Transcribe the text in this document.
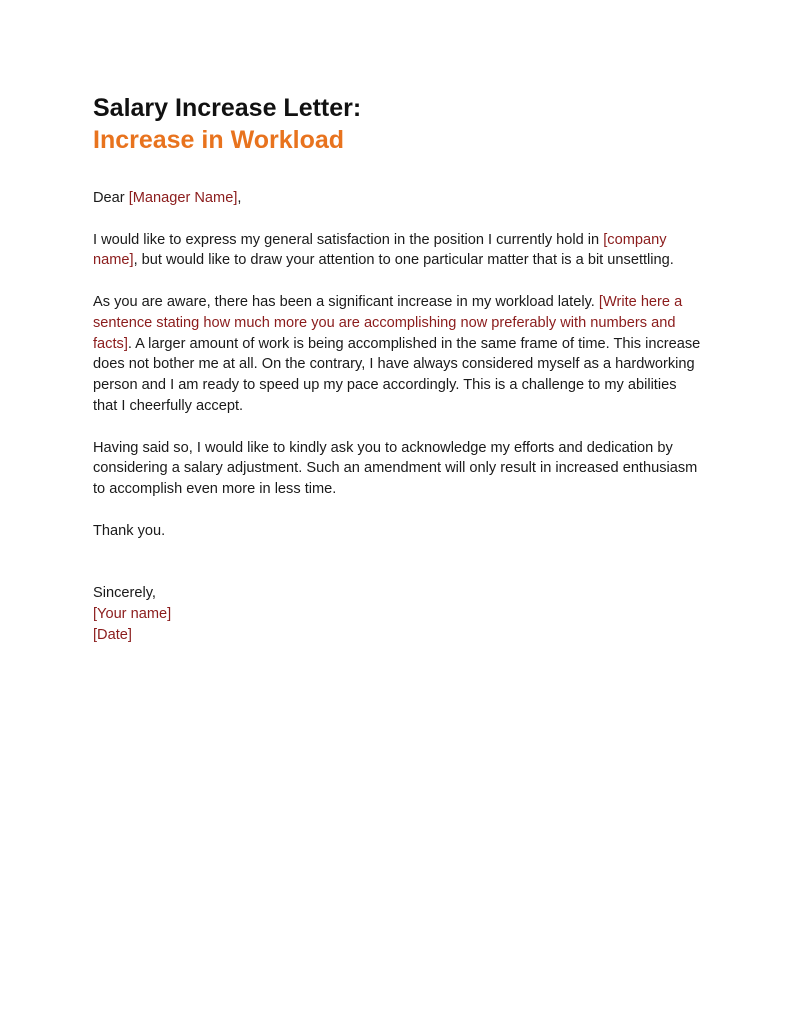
Salary Increase Letter:
Increase in Workload

Dear [Manager Name],

I would like to express my general satisfaction in the position I currently hold in [company name], but would like to draw your attention to one particular matter that is a bit unsettling.

As you are aware, there has been a significant increase in my workload lately. [Write here a sentence stating how much more you are accomplishing now preferably with numbers and facts]. A larger amount of work is being accomplished in the same frame of time. This increase does not bother me at all. On the contrary, I have always considered myself as a hardworking person and I am ready to speed up my pace accordingly. This is a challenge to my abilities that I cheerfully accept.

Having said so, I would like to kindly ask you to acknowledge my efforts and dedication by considering a salary adjustment. Such an amendment will only result in increased enthusiasm to accomplish even more in less time.

Thank you.

Sincerely,

[Your name]

[Date]
